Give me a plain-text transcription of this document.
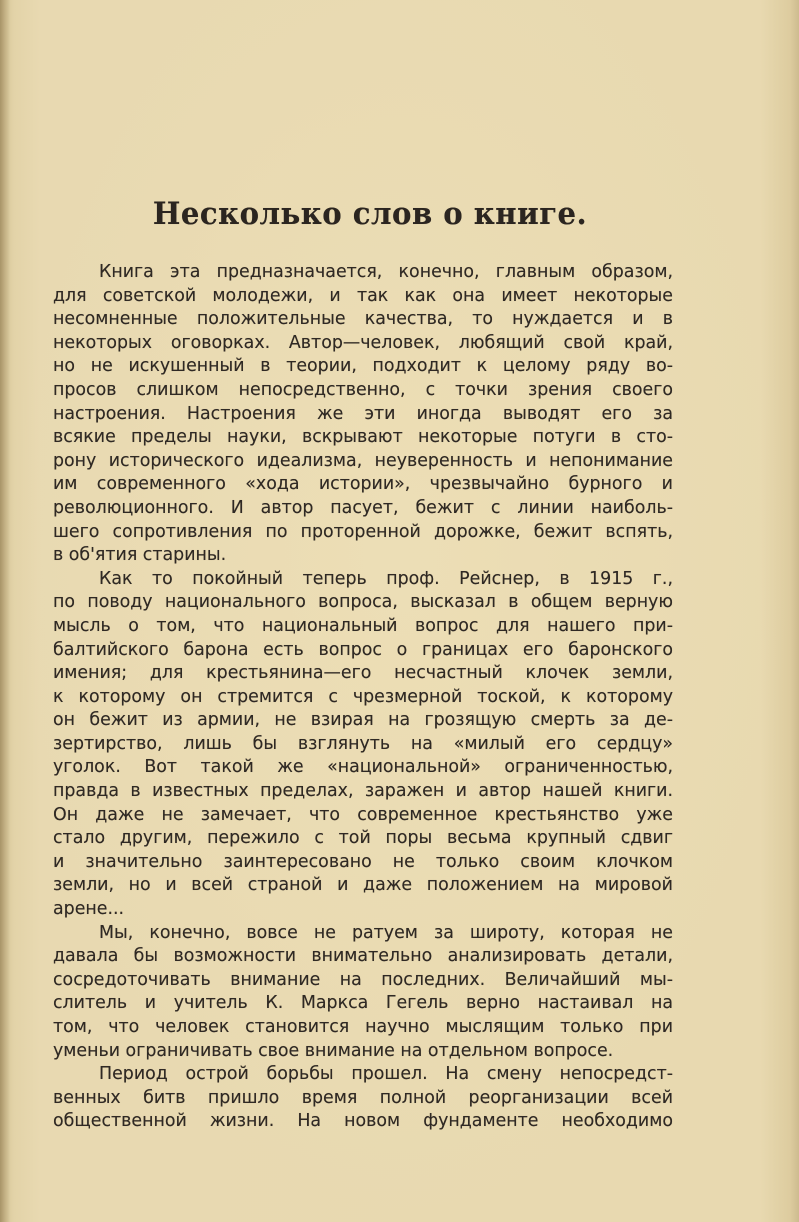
Несколько слов о книге.
Книга эта предназначается, конечно, главным образом,
для советской молодежи, и так как она имеет некоторые
несомненные положительные качества, то нуждается и в
некоторых оговорках. Автор—человек, любящий свой край,
но не искушенный в теории, подходит к целому ряду во-
просов слишком непосредственно, с точки зрения своего
настроения. Настроения же эти иногда выводят его за
всякие пределы науки, вскрывают некоторые потуги в сто-
рону исторического идеализма, неуверенность и непонимание
им современного «хода истории», чрезвычайно бурного и
революционного. И автор пасует, бежит с линии наиболь-
шего сопротивления по проторенной дорожке, бежит вспять,
в об'ятия старины.
Как то покойный теперь проф. Рейснер, в 1915 г.,
по поводу национального вопроса, высказал в общем верную
мысль о том, что национальный вопрос для нашего при-
балтийского барона есть вопрос о границах его баронского
имения; для крестьянина—его несчастный клочек земли,
к которому он стремится с чрезмерной тоской, к которому
он бежит из армии, не взирая на грозящую смерть за де-
зертирство, лишь бы взглянуть на «милый его сердцу»
уголок. Вот такой же «национальной» ограниченностью,
правда в известных пределах, заражен и автор нашей книги.
Он даже не замечает, что современное крестьянство уже
стало другим, пережило с той поры весьма крупный сдвиг
и значительно заинтересовано не только своим клочком
земли, но и всей страной и даже положением на мировой
арене...
Мы, конечно, вовсе не ратуем за широту, которая не
давала бы возможности внимательно анализировать детали,
сосредоточивать внимание на последних. Величайший мы-
слитель и учитель К. Маркса Гегель верно настаивал на
том, что человек становится научно мыслящим только при
уменьи ограничивать свое внимание на отдельном вопросе.
Период острой борьбы прошел. На смену непосредст-
венных битв пришло время полной реорганизации всей
общественной жизни. На новом фундаменте необходимо
